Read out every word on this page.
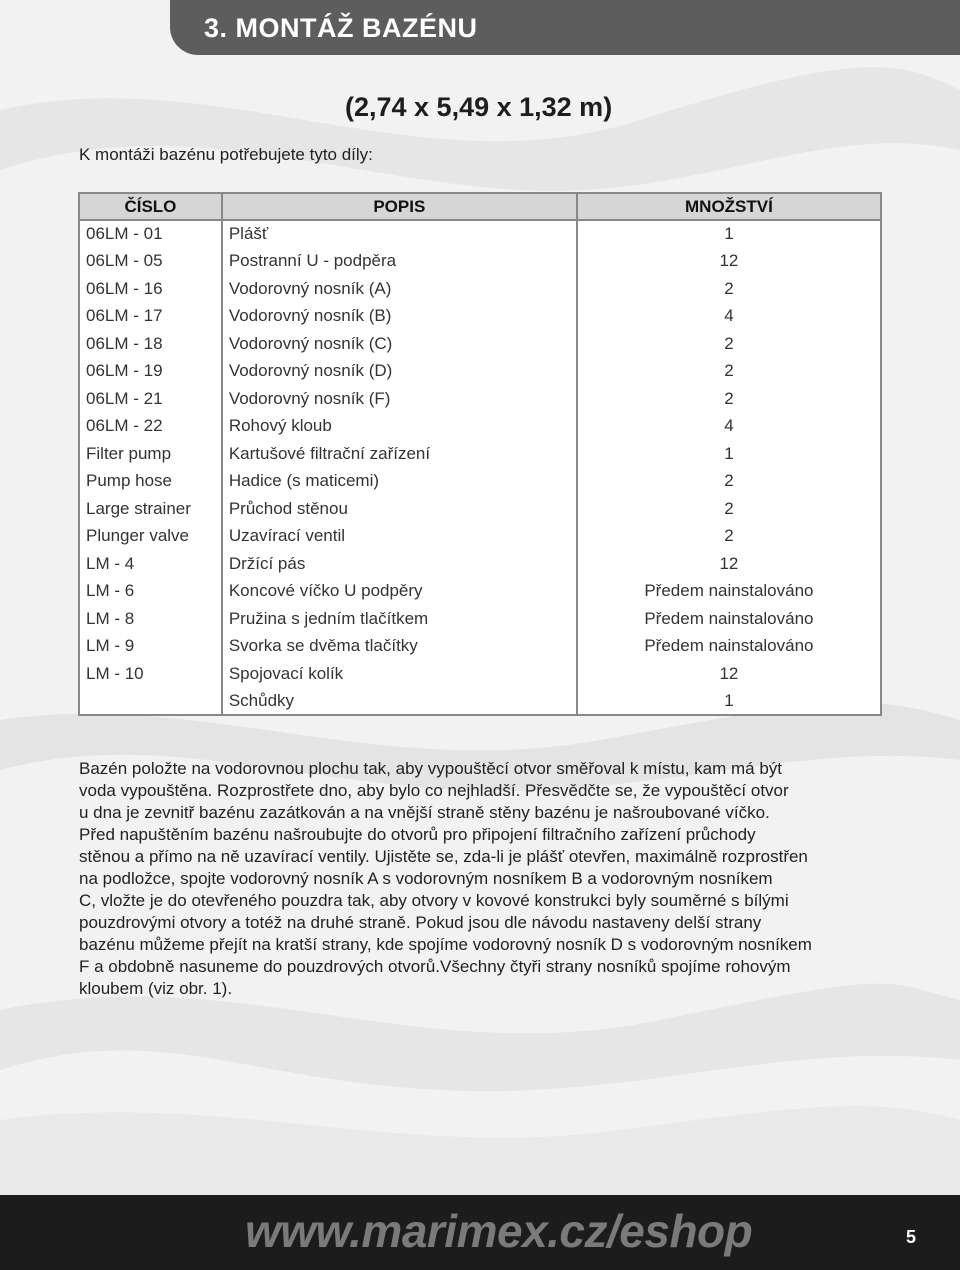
3. MONTÁŽ BAZÉNU
(2,74 x 5,49 x 1,32 m)
K montáži bazénu potřebujete tyto díly:
ČÍSLO	POPIS	MNOŽSTVÍ
06LM - 01	Plášť	1
06LM - 05	Postranní U - podpěra	12
06LM - 16	Vodorovný nosník (A)	2
06LM - 17	Vodorovný nosník (B)	4
06LM - 18	Vodorovný nosník (C)	2
06LM - 19	Vodorovný nosník (D)	2
06LM - 21	Vodorovný nosník (F)	2
06LM - 22	Rohový kloub	4
Filter pump	Kartušové filtrační zařízení	1
Pump hose	Hadice (s maticemi)	2
Large strainer	Průchod stěnou	2
Plunger valve	Uzavírací ventil	2
LM - 4	Držící pás	12
LM - 6	Koncové víčko U podpěry	Předem nainstalováno
LM - 8	Pružina s jedním tlačítkem	Předem nainstalováno
LM - 9	Svorka se dvěma tlačítky	Předem nainstalováno
LM - 10	Spojovací kolík	12
	Schůdky	1

Bazén položte na vodorovnou plochu tak, aby vypouštěcí otvor směřoval k místu, kam má být

voda vypouštěna. Rozprostřete dno, aby bylo co nejhladší. Přesvědčte se, že vypouštěcí otvor

u dna je zevnitř bazénu zazátkován a na vnější straně stěny bazénu je našroubované víčko.

Před napuštěním bazénu našroubujte do otvorů pro připojení filtračního zařízení průchody

stěnou a přímo na ně uzavírací ventily. Ujistěte se, zda-li je plášť otevřen, maximálně rozprostřen

na podložce, spojte vodorovný nosník A s vodorovným nosníkem B a vodorovným nosníkem

C, vložte je do otevřeného pouzdra tak, aby otvory v kovové konstrukci byly souměrné s bílými

pouzdrovými otvory a totéž na druhé straně. Pokud jsou dle návodu nastaveny delší strany

bazénu můžeme přejít na kratší strany, kde spojíme vodorovný nosník D s vodorovným nosníkem

F a obdobně nasuneme do pouzdrových otvorů.Všechny čtyři strany nosníků spojíme rohovým

kloubem (viz obr. 1).

www.marimex.cz/eshop	5
